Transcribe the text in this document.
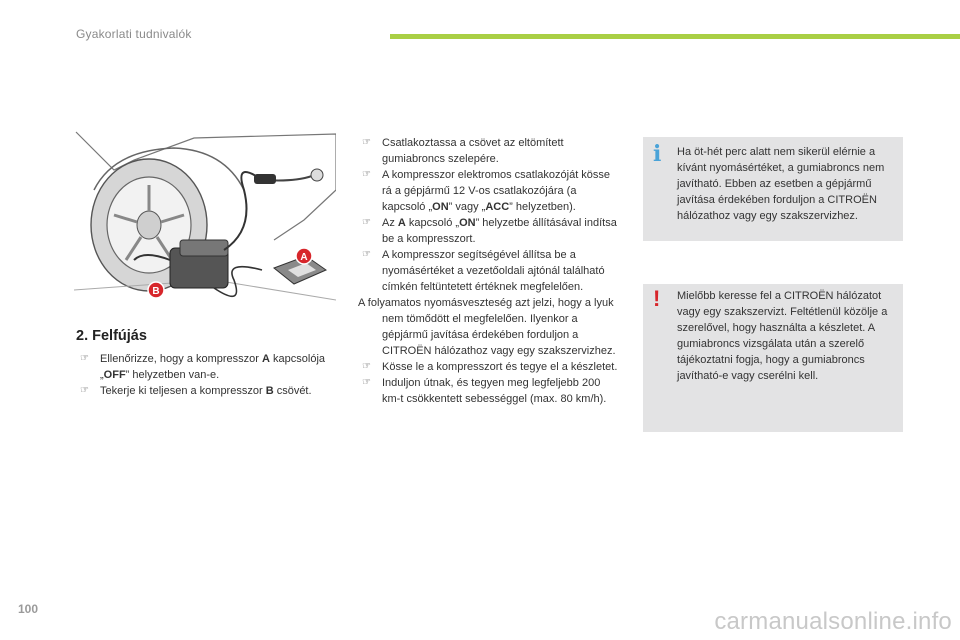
Gyakorlati tudnivalók
A
B
2. Felfújás
☞ Ellenőrizze, hogy a kompresszor A kapcsolója „OFF” helyzetben van-e.
☞ Tekerje ki teljesen a kompresszor B csövét.
☞ Csatlakoztassa a csövet az eltömített gumiabroncs szelepére.
☞ A kompresszor elektromos csatlakozóját kösse rá a gépjármű 12 V-os csatlakozójára (a kapcsoló „ON” vagy „ACC” helyzetben).
☞ Az A kapcsoló „ON” helyzetbe állításával indítsa be a kompresszort.
☞ A kompresszor segítségével állítsa be a nyomásértéket a vezetőoldali ajtónál található címkén feltüntetett értéknek megfelelően.
A folyamatos nyomásveszteség azt jelzi, hogy a lyuk nem tömődött el megfelelően. Ilyenkor a gépjármű javítása érdekében forduljon a CITROËN hálózathoz vagy egy szakszervizhez.
☞ Kösse le a kompresszort és tegye el a készletet.
☞ Induljon útnak, és tegyen meg legfeljebb 200 km-t csökkentett sebességgel (max. 80 km/h).
i Ha öt-hét perc alatt nem sikerül elérnie a kívánt nyomásértéket, a gumiabroncs nem javítható. Ebben az esetben a gépjármű javítása érdekében forduljon a CITROËN hálózathoz vagy egy szakszervizhez.
! Mielőbb keresse fel a CITROËN hálózatot vagy egy szakszervizt. Feltétlenül közölje a szerelővel, hogy használta a készletet. A gumiabroncs vizsgálata után a szerelő tájékoztatni fogja, hogy a gumiabroncs javítható-e vagy cserélni kell.
100	carmanualsonline.info
